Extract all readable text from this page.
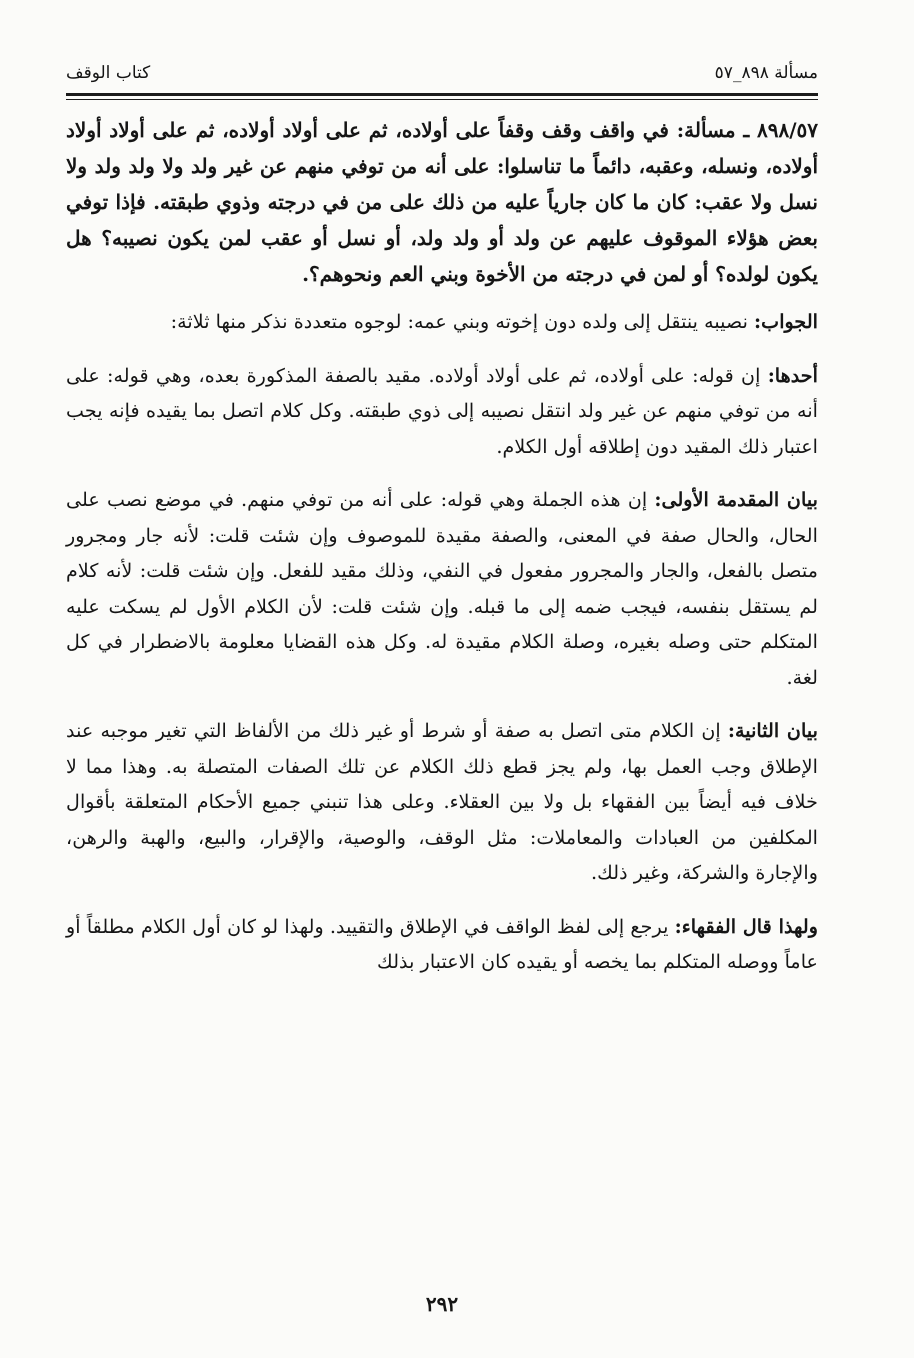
مسألة ٨٩٨_٥٧
كتاب الوقف

٨٩٨/٥٧ ـ مسألة: في واقف وقف وقفاً على أولاده، ثم على أولاد أولاده، ثم على أولاد أولاد أولاده، ونسله، وعقبه، دائماً ما تناسلوا: على أنه من توفي منهم عن غير ولد ولا ولد ولد ولا نسل ولا عقب: كان ما كان جارياً عليه من ذلك على من في درجته وذوي طبقته. فإذا توفي بعض هؤلاء الموقوف عليهم عن ولد أو ولد ولد، أو نسل أو عقب لمن يكون نصيبه؟ هل يكون لولده؟ أو لمن في درجته من الأخوة وبني العم ونحوهم؟.

الجواب: نصيبه ينتقل إلى ولده دون إخوته وبني عمه: لوجوه متعددة نذكر منها ثلاثة:

أحدها: إن قوله: على أولاده، ثم على أولاد أولاده. مقيد بالصفة المذكورة بعده، وهي قوله: على أنه من توفي منهم عن غير ولد انتقل نصيبه إلى ذوي طبقته. وكل كلام اتصل بما يقيده فإنه يجب اعتبار ذلك المقيد دون إطلاقه أول الكلام.

بيان المقدمة الأولى: إن هذه الجملة وهي قوله: على أنه من توفي منهم. في موضع نصب على الحال، والحال صفة في المعنى، والصفة مقيدة للموصوف وإن شئت قلت: لأنه جار ومجرور متصل بالفعل، والجار والمجرور مفعول في النفي، وذلك مقيد للفعل. وإن شئت قلت: لأنه كلام لم يستقل بنفسه، فيجب ضمه إلى ما قبله. وإن شئت قلت: لأن الكلام الأول لم يسكت عليه المتكلم حتى وصله بغيره، وصلة الكلام مقيدة له. وكل هذه القضايا معلومة بالاضطرار في كل لغة.

بيان الثانية: إن الكلام متى اتصل به صفة أو شرط أو غير ذلك من الألفاظ التي تغير موجبه عند الإطلاق وجب العمل بها، ولم يجز قطع ذلك الكلام عن تلك الصفات المتصلة به. وهذا مما لا خلاف فيه أيضاً بين الفقهاء بل ولا بين العقلاء. وعلى هذا تنبني جميع الأحكام المتعلقة بأقوال المكلفين من العبادات والمعاملات: مثل الوقف، والوصية، والإقرار، والبيع، والهبة والرهن، والإجارة والشركة، وغير ذلك.

ولهذا قال الفقهاء: يرجع إلى لفظ الواقف في الإطلاق والتقييد. ولهذا لو كان أول الكلام مطلقاً أو عاماً ووصله المتكلم بما يخصه أو يقيده كان الاعتبار بذلك

٢٩٢
